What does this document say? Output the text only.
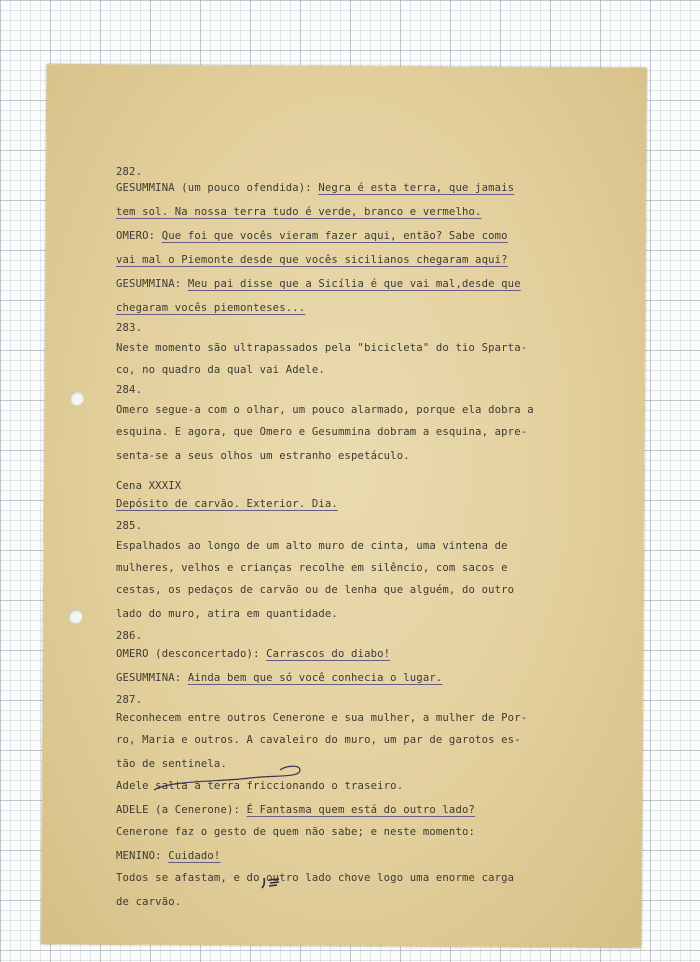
282.
GESUMMINA (um pouco ofendida): Negra é esta terra, que jamais
tem sol. Na nossa terra tudo é verde, branco e vermelho.
OMERO: Que foi que vocês vieram fazer aqui, então? Sabe como
vai mal o Piemonte desde que vocês sicilianos chegaram aqui?
GESUMMINA: Meu pai disse que a Sicília é que vai mal,desde que
chegaram vocês piemonteses...
283.
Neste momento são ultrapassados pela "bicicleta" do tio Sparta-
co, no quadro da qual vai Adele.
284.
Omero segue-a com o olhar, um pouco alarmado, porque ela dobra a
esquina. E agora, que Omero e Gesummina dobram a esquina, apre-
senta-se a seus olhos um estranho espetáculo.
Cena XXXIX
Depósito de carvão. Exterior. Dia.
285.
Espalhados ao longo de um alto muro de cinta, uma vintena de
mulheres, velhos e crianças recolhe em silêncio, com sacos e
cestas, os pedaços de carvão ou de lenha que alguém, do outro
lado do muro, atira em quantidade.
286.
OMERO (desconcertado): Carrascos do diabo!
GESUMMINA: Ainda bem que só você conhecia o lugar.
287.
Reconhecem entre outros Cenerone e sua mulher, a mulher de Por-
ro, Maria e outros. A cavaleiro do muro, um par de garotos es-
tão de sentinela.
Adele salta à terra friccionando o traseiro.
ADELE (a Cenerone): É Fantasma quem está do outro lado?
Cenerone faz o gesto de quem não sabe; e neste momento:
MENINO: Cuidado!
Todos se afastam, e do outro lado chove logo uma enorme carga
de carvão.
